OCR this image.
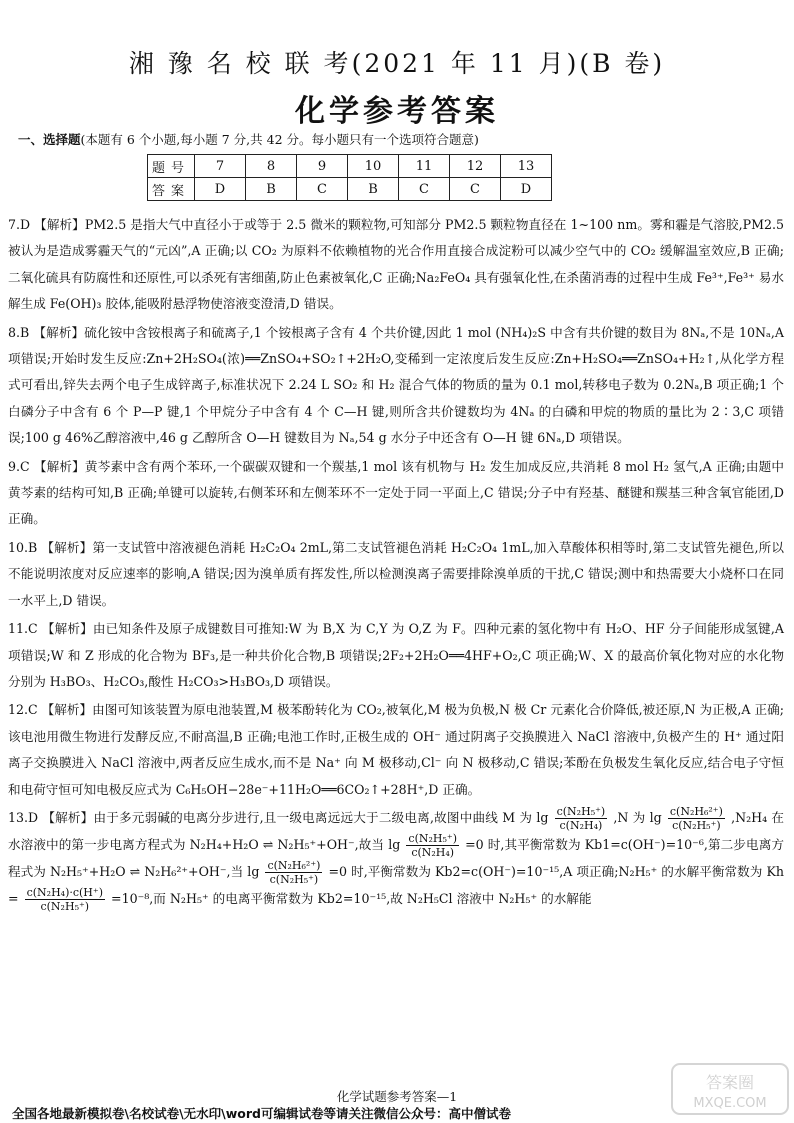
湘 豫 名 校 联 考(2021 年 11 月)(B 卷)
化学参考答案
一、选择题(本题有 6 个小题,每小题 7 分,共 42 分。每小题只有一个选项符合题意)
题号	7	8	9	10	11	12	13
答案	D	B	C	B	C	C	D

7.D 【解析】PM2.5 是指大气中直径小于或等于 2.5 微米的颗粒物,可知部分 PM2.5 颗粒物直径在 1~100 nm。雾和霾是气溶胶,PM2.5 被认为是造成雾霾天气的“元凶”,A 正确;以 CO₂ 为原料不依赖植物的光合作用直接合成淀粉可以减少空气中的 CO₂ 缓解温室效应,B 正确;二氧化硫具有防腐性和还原性,可以杀死有害细菌,防止色素被氧化,C 正确;Na₂FeO₄ 具有强氧化性,在杀菌消毒的过程中生成 Fe³⁺,Fe³⁺ 易水解生成 Fe(OH)₃ 胶体,能吸附悬浮物使溶液变澄清,D 错误。

8.B 【解析】硫化铵中含铵根离子和硫离子,1 个铵根离子含有 4 个共价键,因此 1 mol (NH₄)₂S 中含有共价键的数目为 8Nₐ,不是 10Nₐ,A 项错误;开始时发生反应:Zn+2H₂SO₄(浓)══ZnSO₄+SO₂↑+2H₂O,变稀到一定浓度后发生反应:Zn+H₂SO₄══ZnSO₄+H₂↑,从化学方程式可看出,锌失去两个电子生成锌离子,标准状况下 2.24 L SO₂ 和 H₂ 混合气体的物质的量为 0.1 mol,转移电子数为 0.2Nₐ,B 项正确;1 个白磷分子中含有 6 个 P—P 键,1 个甲烷分子中含有 4 个 C—H 键,则所含共价键数均为 4Nₐ 的白磷和甲烷的物质的量比为 2∶3,C 项错误;100 g 46%乙醇溶液中,46 g 乙醇所含 O—H 键数目为 Nₐ,54 g 水分子中还含有 O—H 键 6Nₐ,D 项错误。

9.C 【解析】黄芩素中含有两个苯环,一个碳碳双键和一个羰基,1 mol 该有机物与 H₂ 发生加成反应,共消耗 8 mol H₂ 氢气,A 正确;由题中黄芩素的结构可知,B 正确;单键可以旋转,右侧苯环和左侧苯环不一定处于同一平面上,C 错误;分子中有羟基、醚键和羰基三种含氧官能团,D 正确。

10.B 【解析】第一支试管中溶液褪色消耗 H₂C₂O₄ 2mL,第二支试管褪色消耗 H₂C₂O₄ 1mL,加入草酸体积相等时,第二支试管先褪色,所以不能说明浓度对反应速率的影响,A 错误;因为溴单质有挥发性,所以检测溴离子需要排除溴单质的干扰,C 错误;测中和热需要大小烧杯口在同一水平上,D 错误。

11.C 【解析】由已知条件及原子成键数目可推知:W 为 B,X 为 C,Y 为 O,Z 为 F。四种元素的氢化物中有 H₂O、HF 分子间能形成氢键,A 项错误;W 和 Z 形成的化合物为 BF₃,是一种共价化合物,B 项错误;2F₂+2H₂O══4HF+O₂,C 项正确;W、X 的最高价氧化物对应的水化物分别为 H₃BO₃、H₂CO₃,酸性 H₂CO₃>H₃BO₃,D 项错误。

12.C 【解析】由图可知该装置为原电池装置,M 极苯酚转化为 CO₂,被氧化,M 极为负极,N 极 Cr 元素化合价降低,被还原,N 为正极,A 正确;该电池用微生物进行发酵反应,不耐高温,B 正确;电池工作时,正极生成的 OH⁻ 通过阴离子交换膜进入 NaCl 溶液中,负极产生的 H⁺ 通过阳离子交换膜进入 NaCl 溶液中,两者反应生成水,而不是 Na⁺ 向 M 极移动,Cl⁻ 向 N 极移动,C 错误;苯酚在负极发生氧化反应,结合电子守恒和电荷守恒可知电极反应式为 C₆H₅OH−28e⁻+11H₂O══6CO₂↑+28H⁺,D 正确。

13.D 【解析】由于多元弱碱的电离分步进行,且一级电离远远大于二级电离,故图中曲线 M 为 $\lg \frac{\text{c(N₂H₅⁺)}}{\text{c(N₂H₄)}} ,N$ 为 $\lg \frac{\text{c(N₂H₆²⁺)}}{\text{c(N₂H₅⁺)}} ,N_2H_4$ 在水溶液中的第一步电离方程式为 N₂H₄+H₂O ⇌ N₂H₅⁺+OH⁻,故当 $\lg \frac{\text{c(N₂H₅⁺)}}{\text{c(N₂H₄)}} =0$ 时,其平衡常数为 Kb1=c(OH⁻)=10⁻⁶,第二步电离方程式为 N₂H₅⁺+H₂O ⇌ N₂H₆²⁺+OH⁻,当 $\lg \frac{\text{c(N₂H₆²⁺)}}{\text{c(N₂H₅⁺)}} =0$ 时,平衡常数为 Kb2=c(OH⁻)=10⁻¹⁵,A 项正确;N₂H₅⁺ 的水解平衡常数为 $Kh = \frac{\text{c(N₂H₄)·c(H⁺)}}{\text{c(N₂H₅⁺)}} =10^{-8}$,而 N₂H₅⁺ 的电离平衡常数为 Kb2=10⁻¹⁵,故 N₂H₅Cl 溶液中 N₂H₅⁺ 的水解能

答案圈
MXQE.COM
化学试题参考答案—1
全国各地最新模拟卷\名校试卷\无水印\word可编辑试卷等请关注微信公众号：高中僧试卷
